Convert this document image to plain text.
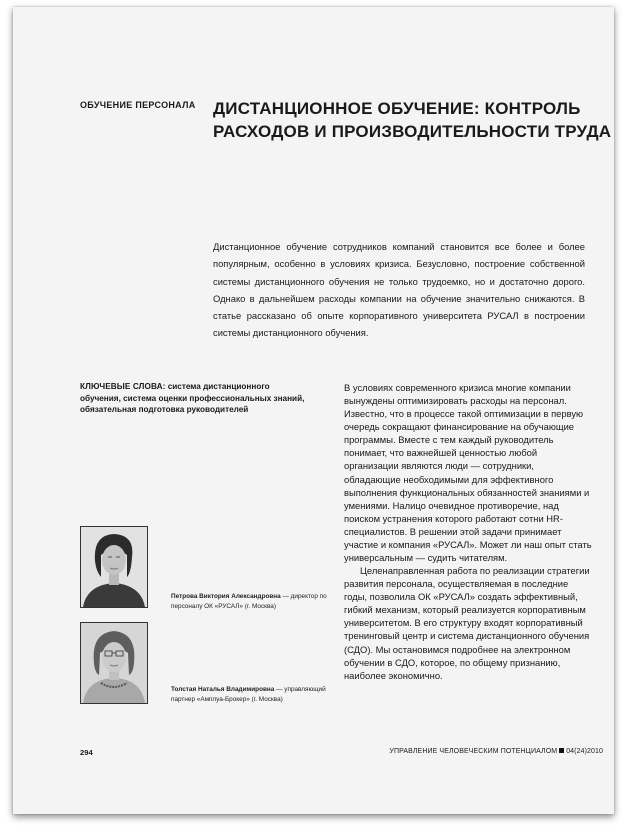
ОБУЧЕНИЕ ПЕРСОНАЛА ДИСТАНЦИОННОЕ ОБУЧЕНИЕ: КОНТРОЛЬ
РАСХОДОВ И ПРОИЗВОДИТЕЛЬНОСТИ ТРУДА
Дистанционное обучение сотрудников компаний становится все более и более популярным, особенно в условиях кризиса. Безусловно, построение собственной системы дистанционного обучения не только трудоемко, но и достаточно дорого. Однако в дальнейшем расходы компании на обучение значительно снижаются. В статье рассказано об опыте корпоративного университета РУСАЛ в построении системы дистанционного обучения.
КЛЮЧЕВЫЕ СЛОВА: система дистанционного обучения, система оценки профессиональных знаний, обязательная подготовка руководителей

В условиях современного кризиса многие компании вынуждены оптимизировать расходы на персонал. Известно, что в процессе такой оптимизации в первую очередь сокращают финансирование на обучающие программы. Вместе с тем каждый руководитель понимает, что важнейшей ценностью любой организации являются люди — сотрудники, обладающие необходимыми для эффективного выполнения функциональных обязанностей знаниями и умениями. Налицо очевидное противоречие, над поиском устранения которого работают сотни HR-специалистов. В решении этой задачи принимает участие и компания «РУСАЛ». Может ли наш опыт стать универсальным — судить читателям.

Целенаправленная работа по реализации стратегии развития персонала, осуществляемая в последние годы, позволила ОК «РУСАЛ» создать эффективный, гибкий механизм, который реализуется корпоративным университетом. В его структуру входят корпоративный тренинговый центр и система дистанционного обучения (СДО). Мы остановимся подробнее на электронном обучении в СДО, которое, по общему признанию, наиболее экономично.

Петрова Виктория Александровна — директор по персоналу ОК «РУСАЛ» (г. Москва)
Толстая Наталья Владимировна — управляющий партнер «Амплуа-Брокер» (г. Москва)
294	УПРАВЛЕНИЕ ЧЕЛОВЕЧЕСКИМ ПОТЕНЦИАЛОМ 04(24)2010
